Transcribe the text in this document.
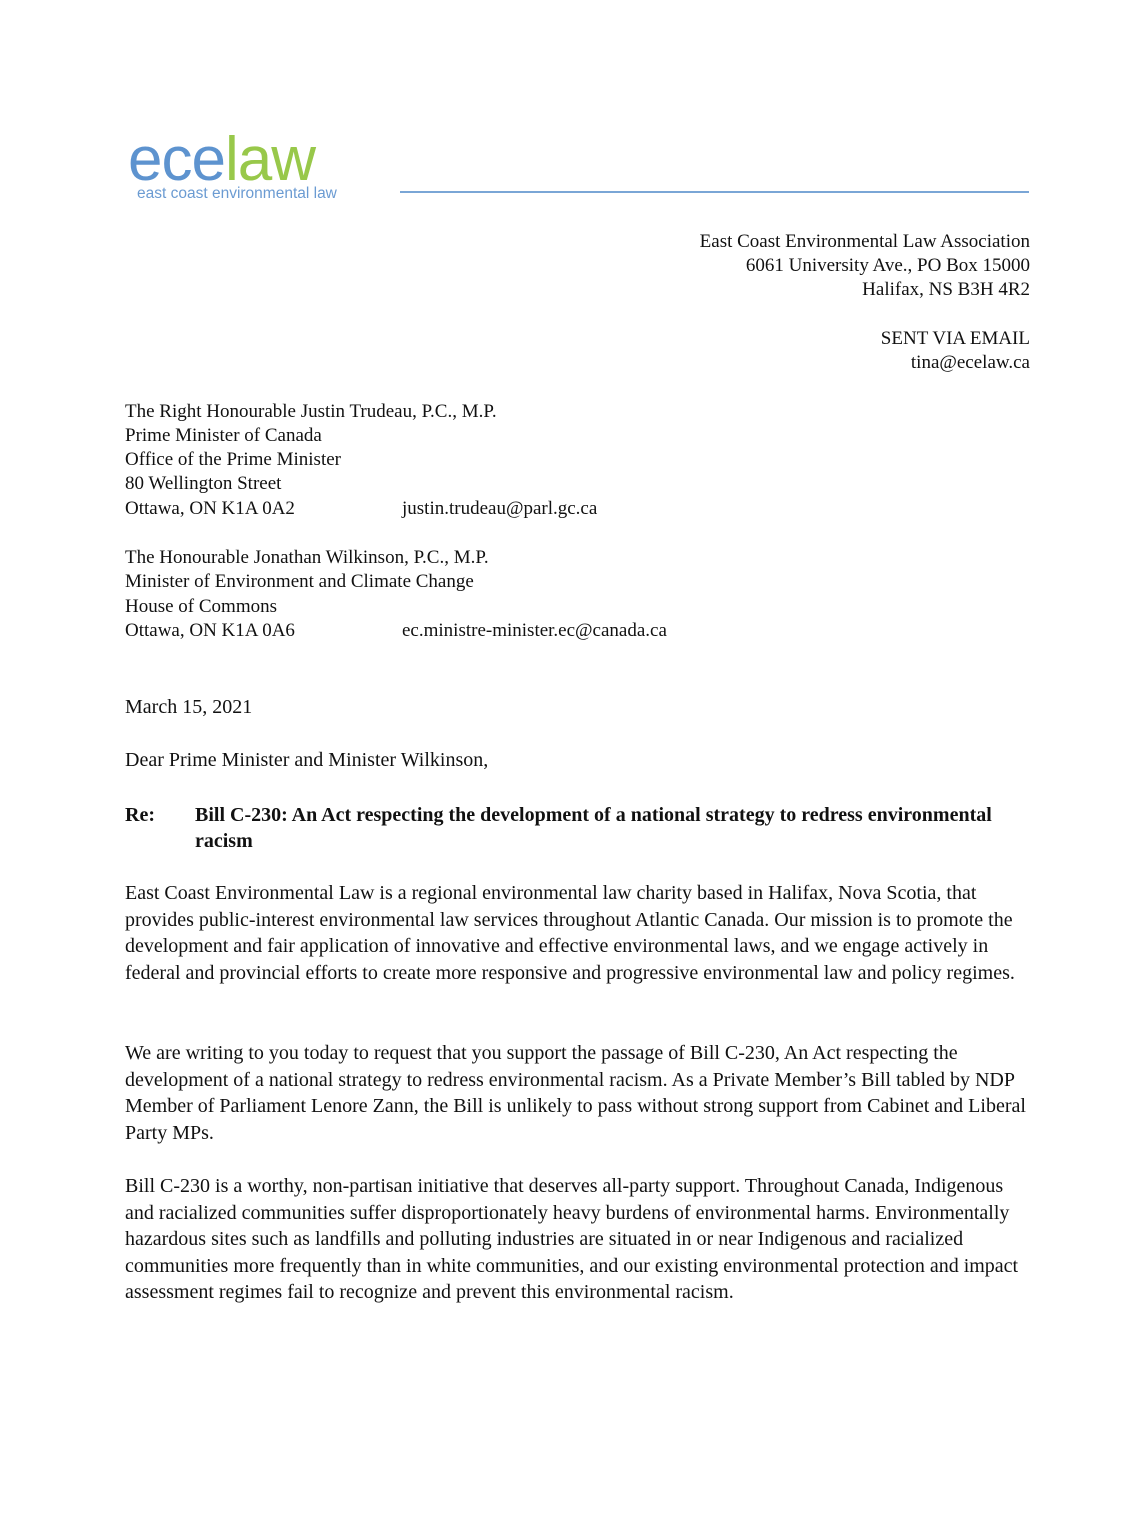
ecelaw
east coast environmental law
East Coast Environmental Law Association
6061 University Ave., PO Box 15000
Halifax, NS B3H 4R2
SENT VIA EMAIL
tina@ecelaw.ca
The Right Honourable Justin Trudeau, P.C., M.P.
Prime Minister of Canada
Office of the Prime Minister
80 Wellington Street
Ottawa, ON K1A 0A2	justin.trudeau@parl.gc.ca
The Honourable Jonathan Wilkinson, P.C., M.P.
Minister of Environment and Climate Change
House of Commons
Ottawa, ON K1A 0A6	ec.ministre-minister.ec@canada.ca
March 15, 2021
Dear Prime Minister and Minister Wilkinson,
Re: Bill C-230: An Act respecting the development of a national strategy to redress environmental racism
East Coast Environmental Law is a regional environmental law charity based in Halifax, Nova Scotia, that provides public-interest environmental law services throughout Atlantic Canada. Our mission is to promote the development and fair application of innovative and effective environmental laws, and we engage actively in federal and provincial efforts to create more responsive and progressive environmental law and policy regimes.
We are writing to you today to request that you support the passage of Bill C-230, An Act respecting the development of a national strategy to redress environmental racism. As a Private Member’s Bill tabled by NDP Member of Parliament Lenore Zann, the Bill is unlikely to pass without strong support from Cabinet and Liberal Party MPs.
Bill C-230 is a worthy, non-partisan initiative that deserves all-party support. Throughout Canada, Indigenous and racialized communities suffer disproportionately heavy burdens of environmental harms. Environmentally hazardous sites such as landfills and polluting industries are situated in or near Indigenous and racialized communities more frequently than in white communities, and our existing environmental protection and impact assessment regimes fail to recognize and prevent this environmental racism.
